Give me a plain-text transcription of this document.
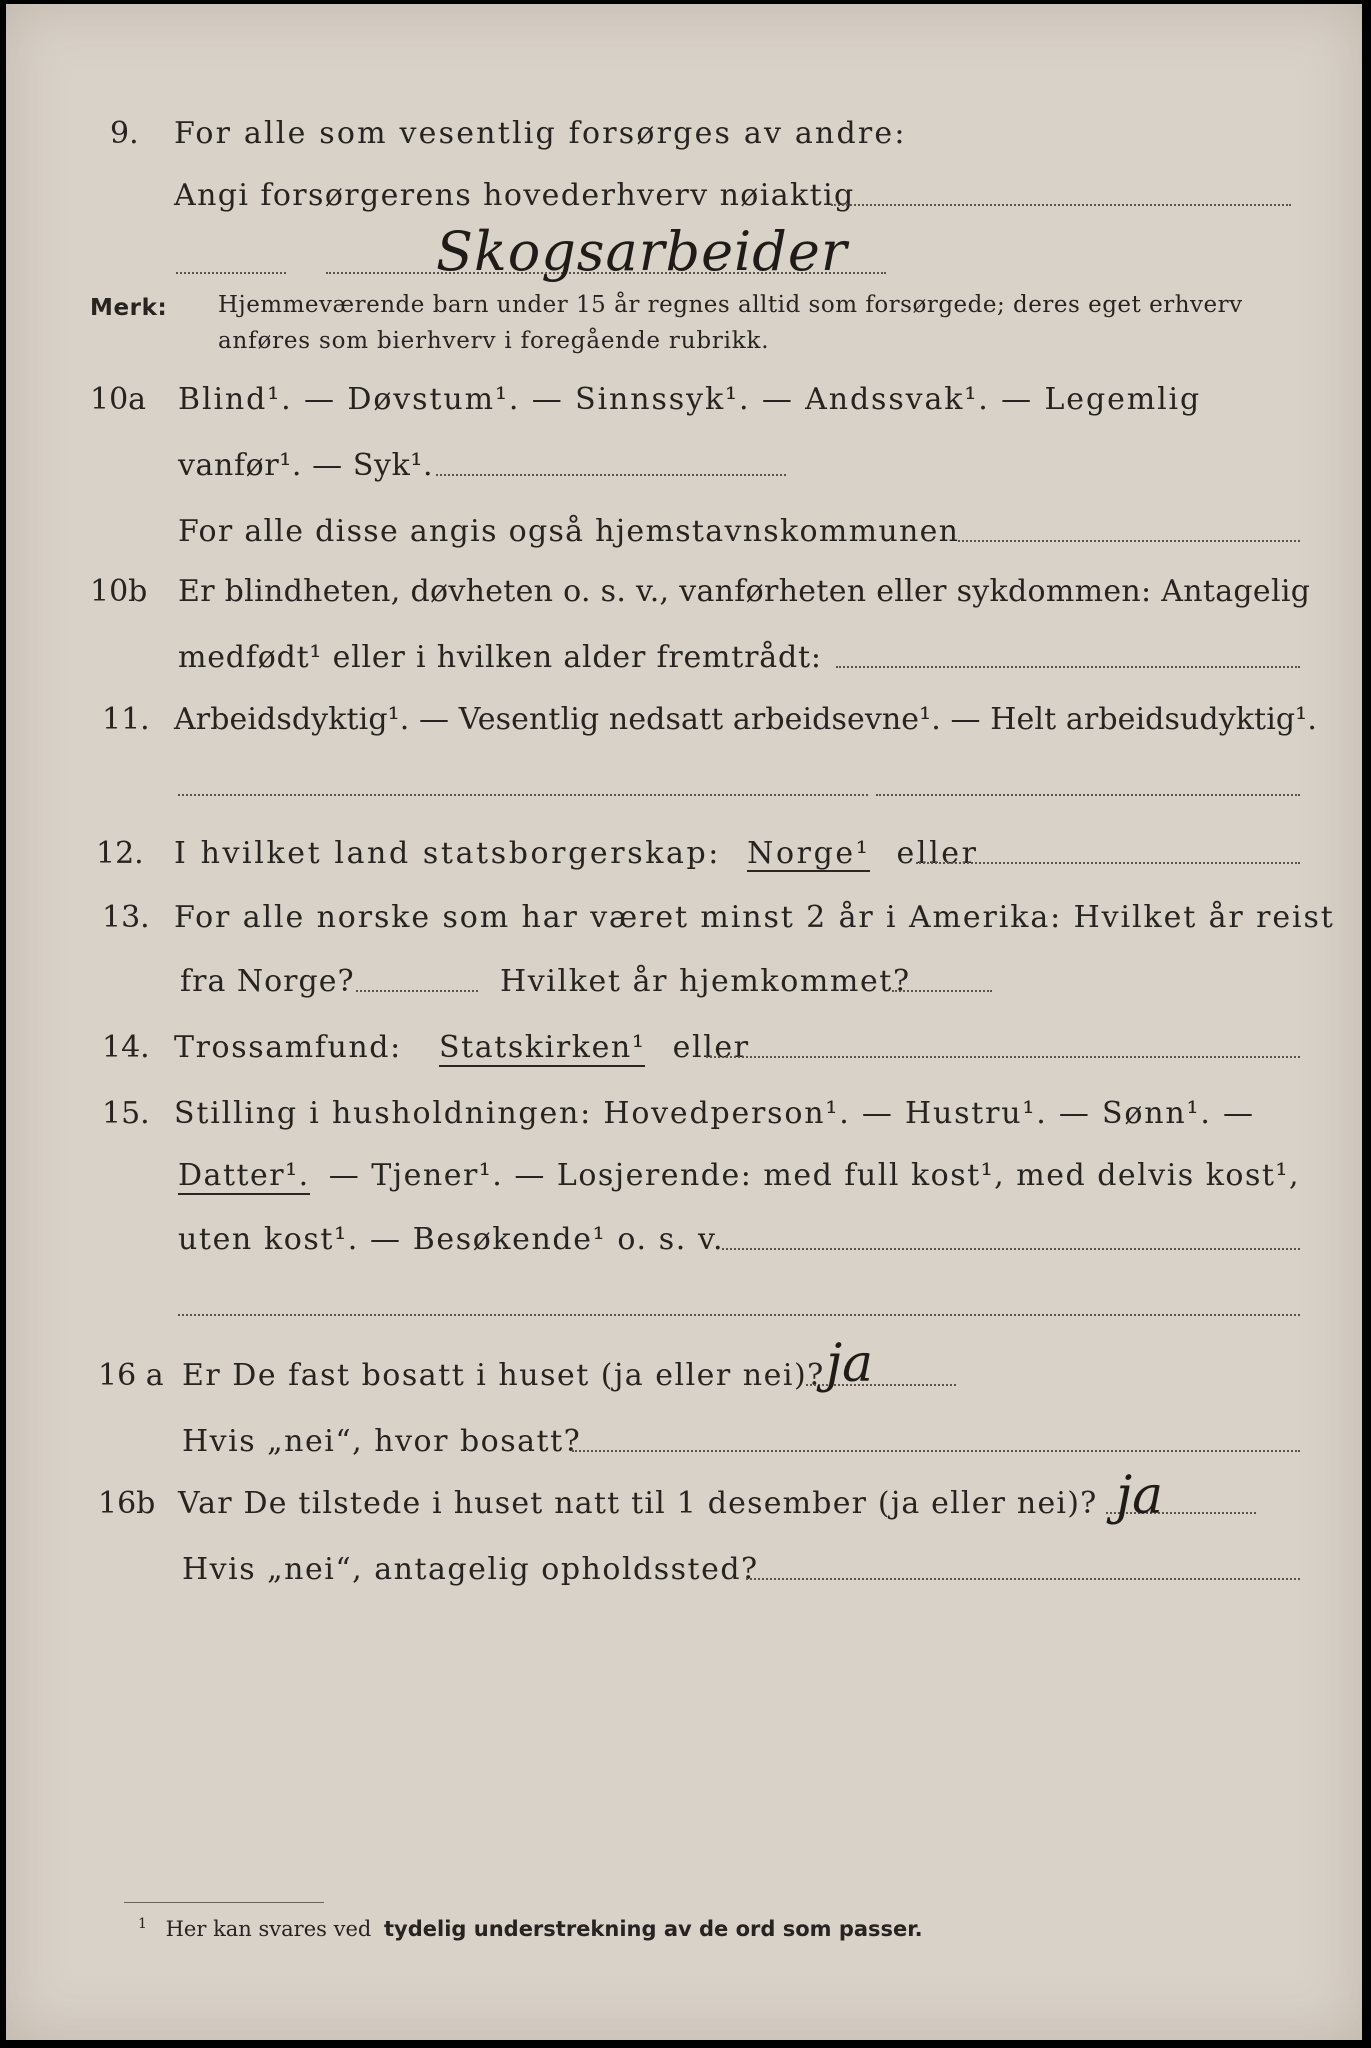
9. For alle som vesentlig forsørges av andre:
Angi forsørgerens hovederhverv nøiaktig
Skogsarbeider
Merk: Hjemmeværende barn under 15 år regnes alltid som forsørgede; deres eget erhverv
anføres som bierhverv i foregående rubrikk.
10a Blind¹. — Døvstum¹. — Sinnssyk¹. — Andssvak¹. — Legemlig
vanfør¹. — Syk¹.
For alle disse angis også hjemstavnskommunen
10b Er blindheten, døvheten o. s. v., vanførheten eller sykdommen: Antagelig
medfødt¹ eller i hvilken alder fremtrådt:
11. Arbeidsdyktig¹. — Vesentlig nedsatt arbeidsevne¹. — Helt arbeidsudyktig¹.
12. I hvilket land statsborgerskap: Norge¹ eller
13. For alle norske som har været minst 2 år i Amerika: Hvilket år reist
fra Norge?	Hvilket år hjemkommet?
14. Trossamfund: Statskirken¹ eller
15. Stilling i husholdningen: Hovedperson¹. — Hustru¹. — Sønn¹. —
Datter¹. — Tjener¹. — Losjerende: med full kost¹, med delvis kost¹,
uten kost¹. — Besøkende¹ o. s. v.
16 a Er De fast bosatt i huset (ja eller nei)? ja
Hvis „nei“, hvor bosatt?
16b Var De tilstede i huset natt til 1 desember (ja eller nei)? ja
Hvis „nei“, antagelig opholdssted?
$^1$ Her kan svares ved tydelig understrekning av de ord som passer.
